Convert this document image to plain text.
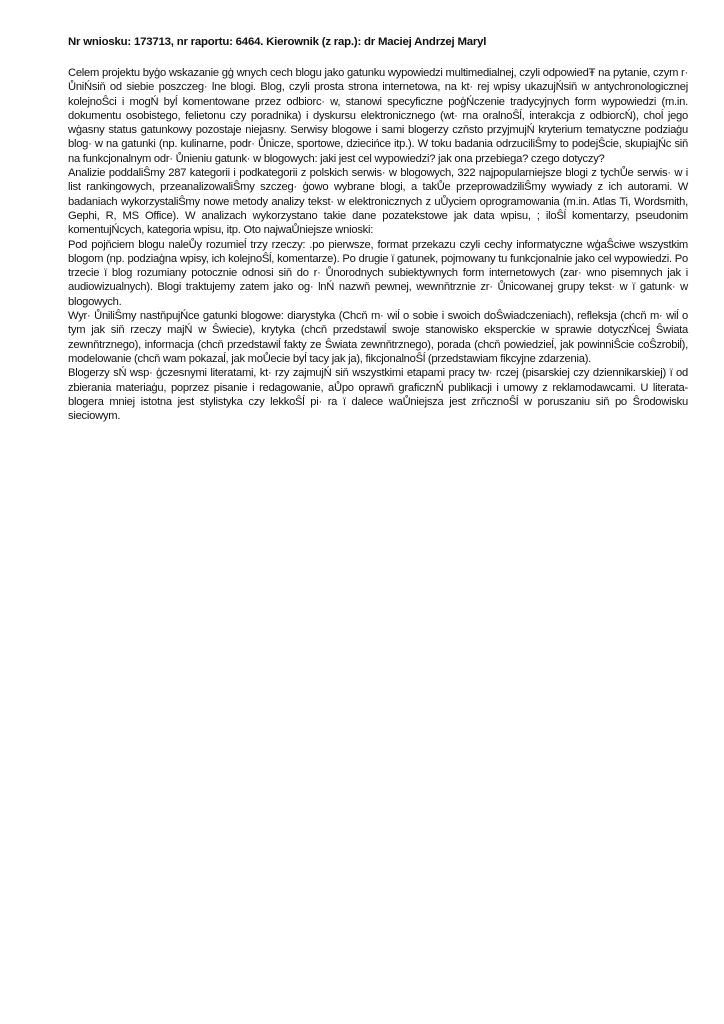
Nr wniosku: 173713, nr raportu: 6464. Kierownik (z rap.): dr Maciej Andrzej Maryl

Celem projektu byģo wskazanie gģ wnych cech blogu jako gatunku wypowiedzi multimedialnej, czyli odpowiedŦ na pytanie, czym r· ŮniŃsiň od siebie poszczeg· lne blogi. Blog, czyli prosta strona internetowa, na kt· rej wpisy ukazujŃsiň w antychronologicznej kolejnoŜci i mogŃ byĺ komentowane przez odbiorc· w, stanowi specyficzne poģŃczenie tradycyjnych form wypowiedzi (m.in. dokumentu osobistego, felietonu czy poradnika) i dyskursu elektronicznego (wt· rna oralnoŜĺ, interakcja z odbiorcŃ), choĺ jego wģasny status gatunkowy pozostaje niejasny. Serwisy blogowe i sami blogerzy czňsto przyjmujŃ kryterium tematyczne podziaģu blog· w na gatunki (np. kulinarne, podr· Ůnicze, sportowe, dziecińce itp.). W toku badania odrzuciliŜmy to podejŜcie, skupiajŃc siň na funkcjonalnym odr· Ůnieniu gatunk· w blogowych: jaki jest cel wypowiedzi? jak ona przebiega? czego dotyczy?

Analizie poddaliŜmy 287 kategorii i podkategorii z polskich serwis· w blogowych, 322 najpopularniejsze blogi z tychŮe serwis· w i list rankingowych, przeanalizowaliŜmy szczeg· ģowo wybrane blogi, a takŮe przeprowadziliŜmy wywiady z ich autorami. W badaniach wykorzystaliŜmy nowe metody analizy tekst· w elektronicznych z uŮyciem oprogramowania (m.in. Atlas Ti, Wordsmith, Gephi, R, MS Office). W analizach wykorzystano takie dane pozatekstowe jak data wpisu, ; iloŜĺ komentarzy, pseudonim komentujŃcych, kategoria wpisu, itp. Oto najwaŮniejsze wnioski:

Pod pojňciem blogu naleŮy rozumieĺ trzy rzeczy: .po pierwsze, format przekazu czyli cechy informatyczne wģaŜciwe wszystkim blogom (np. podziaģna wpisy, ich kolejnoŜĺ, komentarze). Po drugie ï gatunek, pojmowany tu funkcjonalnie jako cel wypowiedzi. Po trzecie ï blog rozumiany potocznie odnosi siň do r· Ůnorodnych subiektywnych form internetowych (zar· wno pisemnych jak i audiowizualnych). Blogi traktujemy zatem jako og· lnŃ nazwň pewnej, wewnňtrznie zr· Ůnicowanej grupy tekst· w ï gatunk· w blogowych.

Wyr· ŮniliŜmy nastňpujŃce gatunki blogowe: diarystyka (Chcň m· wiĺ o sobie i swoich doŜwiadczeniach), refleksja (chcň m· wiĺ o tym jak siň rzeczy majŃ w Ŝwiecie), krytyka (chcň przedstawiĺ swoje stanowisko eksperckie w sprawie dotyczŃcej Ŝwiata zewnňtrznego), informacja (chcň przedstawiĺ fakty ze Ŝwiata zewnňtrznego), porada (chcň powiedzieĺ, jak powinniŜcie coŜzrobiĺ), modelowanie (chcň wam pokazaĺ, jak moŮecie byĺ tacy jak ja), fikcjonalnoŜĺ (przedstawiam fikcyjne zdarzenia).

Blogerzy sŃ wsp· ģczesnymi literatami, kt· rzy zajmujŃ siň wszystkimi etapami pracy tw· rczej (pisarskiej czy dziennikarskiej) ï od zbierania materiaģu, poprzez pisanie i redagowanie, aŮpo oprawň graficznŃ publikacji i umowy z reklamodawcami. U literata-blogera mniej istotna jest stylistyka czy lekkoŜĺ pi· ra ï dalece waŮniejsza jest zrňcznoŜĺ w poruszaniu siň po Ŝrodowisku sieciowym.
